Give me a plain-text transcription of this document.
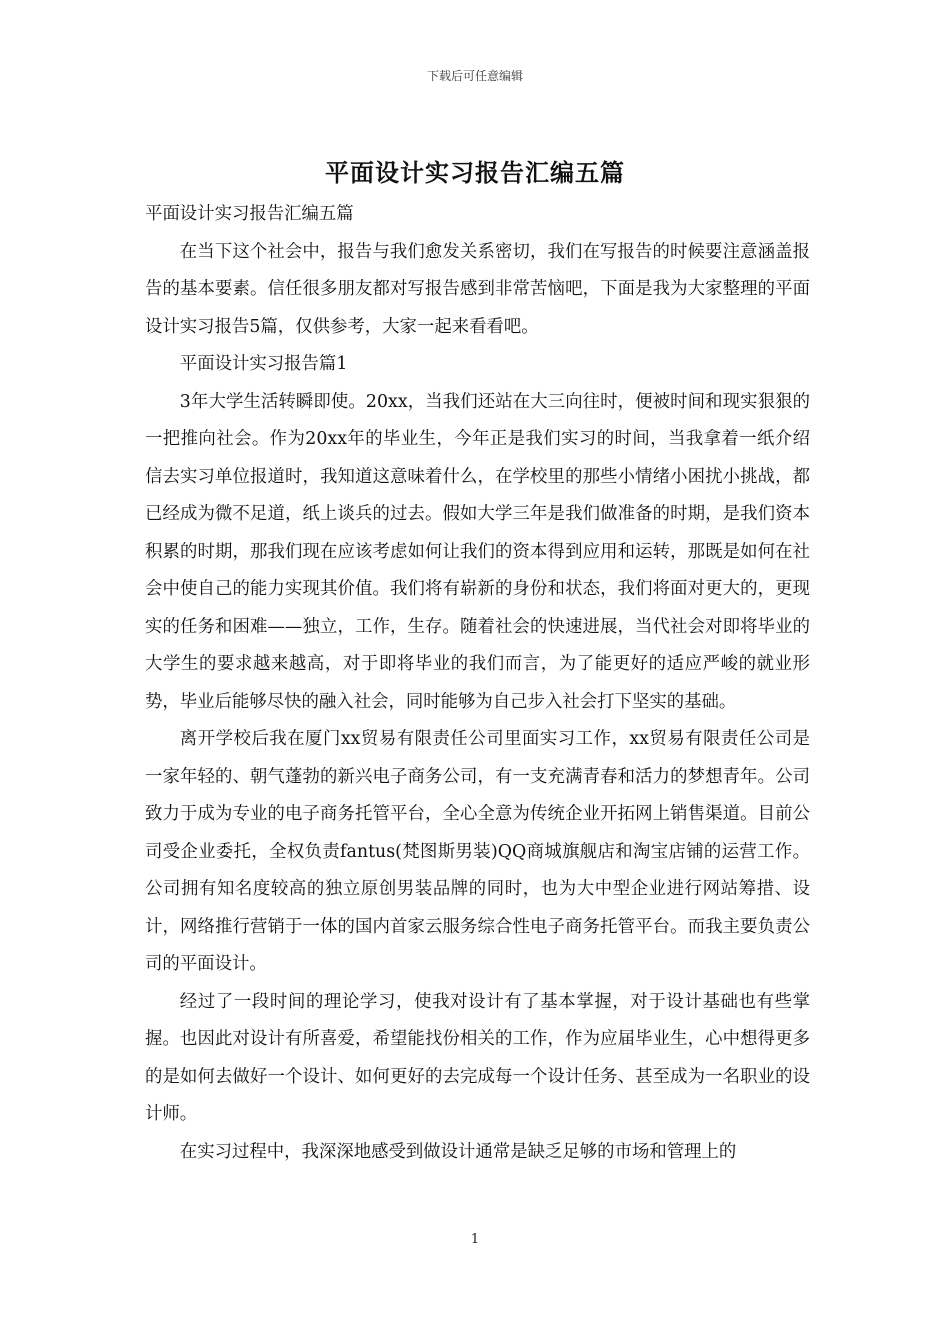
下载后可任意编辑
平面设计实习报告汇编五篇

平面设计实习报告汇编五篇

在当下这个社会中，报告与我们愈发关系密切，我们在写报告的时候要注意涵盖报告的基本要素。信任很多朋友都对写报告感到非常苦恼吧，下面是我为大家整理的平面设计实习报告5篇，仅供参考，大家一起来看看吧。

平面设计实习报告篇1

3年大学生活转瞬即使。20xx，当我们还站在大三向往时，便被时间和现实狠狠的一把推向社会。作为20xx年的毕业生，今年正是我们实习的时间，当我拿着一纸介绍信去实习单位报道时，我知道这意味着什么，在学校里的那些小情绪小困扰小挑战，都已经成为微不足道，纸上谈兵的过去。假如大学三年是我们做准备的时期，是我们资本积累的时期，那我们现在应该考虑如何让我们的资本得到应用和运转，那既是如何在社会中使自己的能力实现其价值。我们将有崭新的身份和状态，我们将面对更大的，更现实的任务和困难——独立，工作，生存。随着社会的快速进展，当代社会对即将毕业的大学生的要求越来越高，对于即将毕业的我们而言，为了能更好的适应严峻的就业形势，毕业后能够尽快的融入社会，同时能够为自己步入社会打下坚实的基础。

离开学校后我在厦门xx贸易有限责任公司里面实习工作，xx贸易有限责任公司是一家年轻的、朝气蓬勃的新兴电子商务公司，有一支充满青春和活力的梦想青年。公司致力于成为专业的电子商务托管平台，全心全意为传统企业开拓网上销售渠道。目前公司受企业委托，全权负责fantus(梵图斯男装)QQ商城旗舰店和淘宝店铺的运营工作。公司拥有知名度较高的独立原创男装品牌的同时，也为大中型企业进行网站筹措、设计，网络推行营销于一体的国内首家云服务综合性电子商务托管平台。而我主要负责公司的平面设计。

经过了一段时间的理论学习，使我对设计有了基本掌握，对于设计基础也有些掌握。也因此对设计有所喜爱，希望能找份相关的工作，作为应届毕业生，心中想得更多的是如何去做好一个设计、如何更好的去完成每一个设计任务、甚至成为一名职业的设计师。

在实习过程中，我深深地感受到做设计通常是缺乏足够的市场和管理上的

1
